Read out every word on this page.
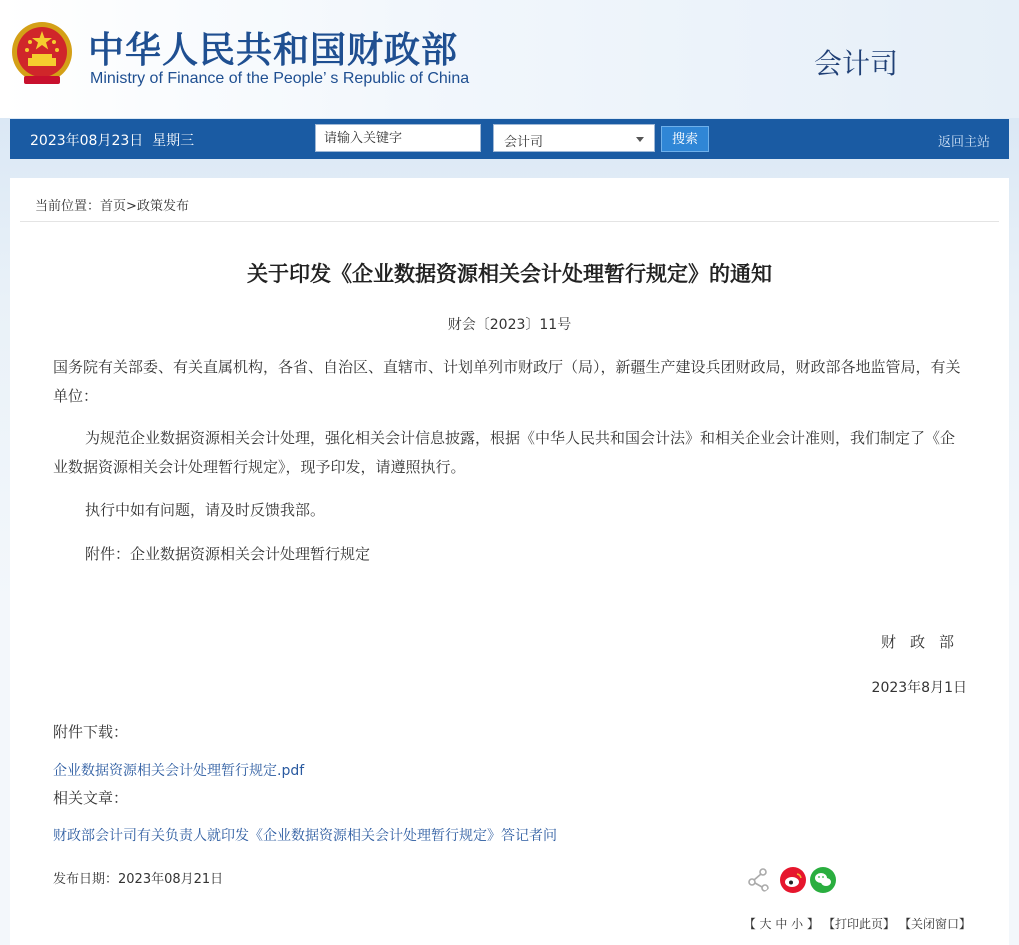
中华人民共和国财政部
Ministry of Finance of the People’ s Republic of China	会计司
2023年08月23日 星期三
请输入关键字	会计司	搜索	返回主站
当前位置：首页>政策发布
关于印发《企业数据资源相关会计处理暂行规定》的通知
财会〔2023〕11号

国务院有关部委、有关直属机构，各省、自治区、直辖市、计划单列市财政厅（局），新疆生产建设兵团财政局，财政部各地监管局，有关单位：

为规范企业数据资源相关会计处理，强化相关会计信息披露，根据《中华人民共和国会计法》和相关企业会计准则，我们制定了《企业数据资源相关会计处理暂行规定》，现予印发，请遵照执行。

执行中如有问题，请及时反馈我部。

附件：企业数据资源相关会计处理暂行规定

财政部
2023年8月1日
附件下载：
企业数据资源相关会计处理暂行规定.pdf
相关文章：
财政部会计司有关负责人就印发《企业数据资源相关会计处理暂行规定》答记者问
发布日期：2023年08月21日
【 大 中 小 】 【打印此页】 【关闭窗口】
